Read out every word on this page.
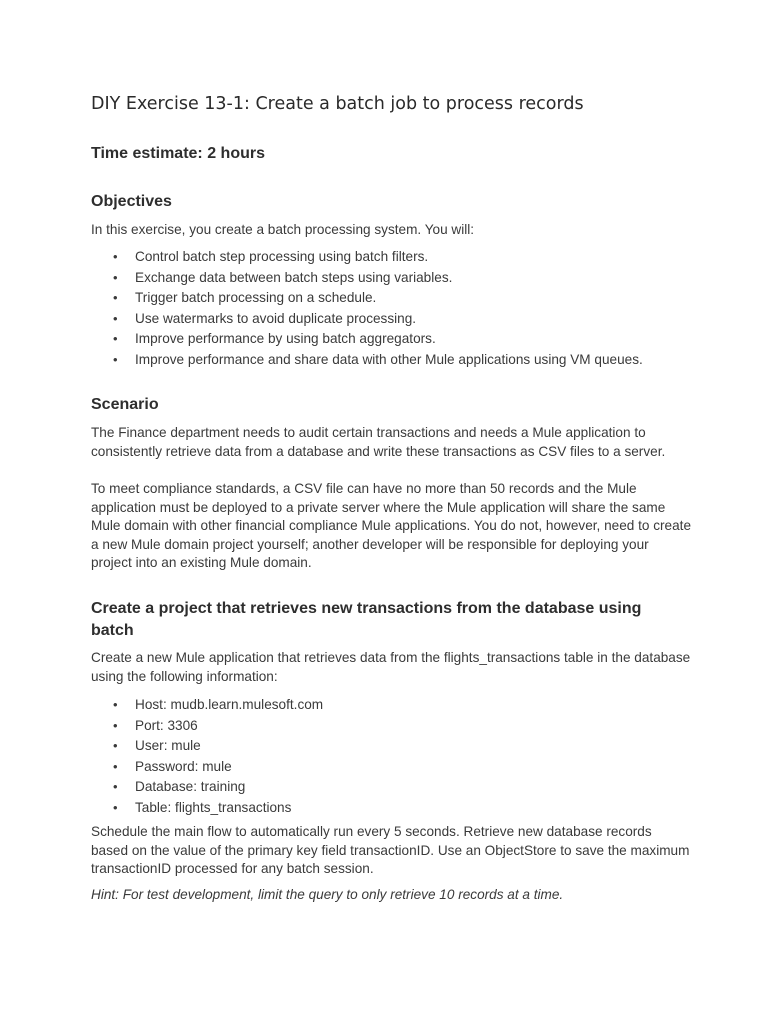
DIY Exercise 13-1: Create a batch job to process records
Time estimate: 2 hours
Objectives

In this exercise, you create a batch processing system. You will:

• Control batch step processing using batch filters.
• Exchange data between batch steps using variables.
• Trigger batch processing on a schedule.
• Use watermarks to avoid duplicate processing.
• Improve performance by using batch aggregators.
• Improve performance and share data with other Mule applications using VM queues.
Scenario

The Finance department needs to audit certain transactions and needs a Mule application to consistently retrieve data from a database and write these transactions as CSV files to a server.

To meet compliance standards, a CSV file can have no more than 50 records and the Mule application must be deployed to a private server where the Mule application will share the same Mule domain with other financial compliance Mule applications. You do not, however, need to create a new Mule domain project yourself; another developer will be responsible for deploying your project into an existing Mule domain.

Create a project that retrieves new transactions from the database using batch

Create a new Mule application that retrieves data from the flights_transactions table in the database using the following information:

• Host: mudb.learn.mulesoft.com
• Port: 3306
• User: mule
• Password: mule
• Database: training
• Table: flights_transactions

Schedule the main flow to automatically run every 5 seconds. Retrieve new database records based on the value of the primary key field transactionID. Use an ObjectStore to save the maximum transactionID processed for any batch session.

Hint: For test development, limit the query to only retrieve 10 records at a time.
